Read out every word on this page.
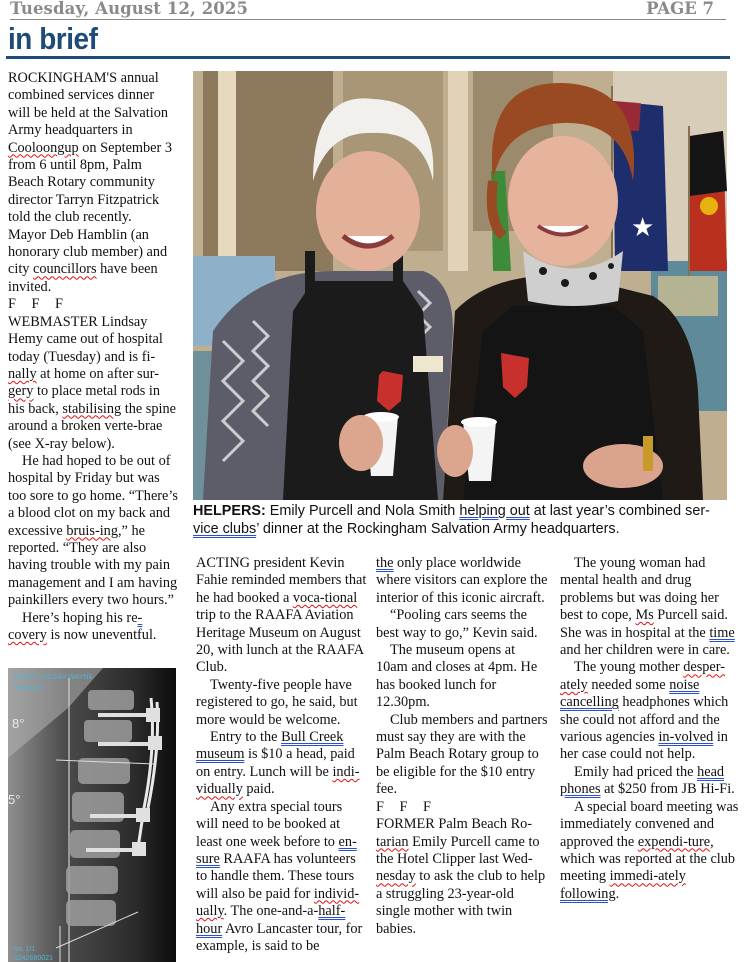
Tuesday, August 12, 2025	PAGE 7
in brief

ROCKINGHAM'S annual combined services dinner will be held at the Salvation Army headquarters in Cooloongup on September 3 from 6 until 8pm, Palm Beach Rotary community director Tarryn Fitzpatrick told the club recently.

Mayor Deb Hamblin (an honorary club member) and city councillors have been invited.

F F F

WEBMASTER Lindsay Hemy came out of hospital today (Tuesday) and is fi-nally at home on after sur-gery to place metal rods in his back, stabilising the spine around a broken verte-brae (see X-ray below).

He had hoped to be out of hospital by Friday but was too sore to go home. “There’s a blood clot on my back and excessive bruis-ing,” he reported. “They are also having trouble with my pain management and I am having painkillers every two hours.”

Here’s hoping his re-covery is now uneventful.

HEMY*LINDSAY WAYNE
19611207
8°
5°
Im: 1/1
1242660021
★
HELPERS: Emily Purcell and Nola Smith helping out at last year’s combined ser-vice clubs’ dinner at the Rockingham Salvation Army headquarters.

ACTING president Kevin Fahie reminded members that he had booked a voca-tional trip to the RAAFA Aviation Heritage Museum on August 20, with lunch at the RAAFA Club.

Twenty-five people have registered to go, he said, but more would be welcome.

Entry to the Bull Creek museum is $10 a head, paid on entry. Lunch will be indi-vidually paid.

Any extra special tours will need to be booked at least one week before to en-sure RAAFA has volunteers to handle them. These tours will also be paid for individ-ually. The one-and-a-half-hour Avro Lancaster tour, for example, is said to be

the only place worldwide where visitors can explore the interior of this iconic aircraft.

“Pooling cars seems the best way to go,” Kevin said.

The museum opens at 10am and closes at 4pm. He has booked lunch for 12.30pm.

Club members and partners must say they are with the Palm Beach Rotary group to be eligible for the $10 entry fee.

F F F

FORMER Palm Beach Ro-tarian Emily Purcell came to the Hotel Clipper last Wed-nesday to ask the club to help a struggling 23-year-old single mother with twin babies.

The young woman had mental health and drug problems but was doing her best to cope, Ms Purcell said. She was in hospital at the time and her children were in care.

The young mother desper-ately needed some noise cancelling headphones which she could not afford and the various agencies in-volved in her case could not help.

Emily had priced the head phones at $250 from JB Hi-Fi.

A special board meeting was immediately convened and approved the expendi-ture, which was reported at the club meeting immedi-ately following.
